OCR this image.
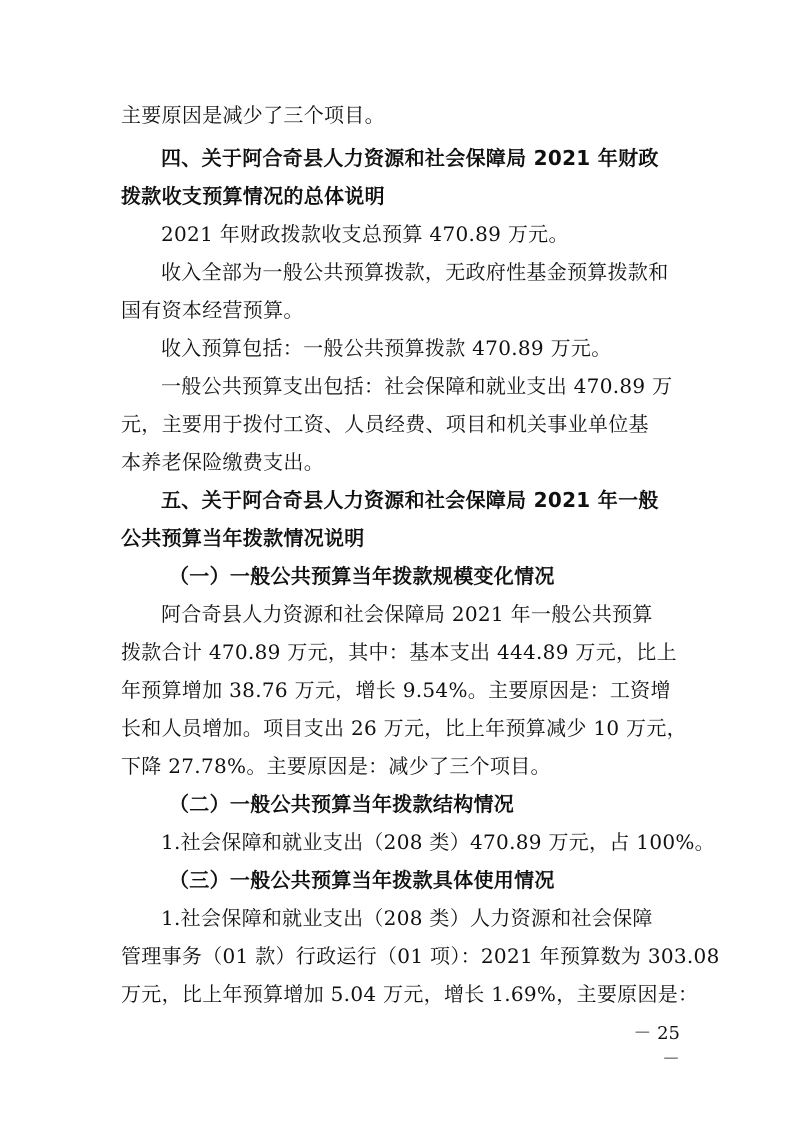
主要原因是减少了三个项目。
四、关于阿合奇县人力资源和社会保障局 2021 年财政
拨款收支预算情况的总体说明
2021 年财政拨款收支总预算 470.89 万元。
收入全部为一般公共预算拨款，无政府性基金预算拨款和
国有资本经营预算。
收入预算包括：一般公共预算拨款 470.89 万元。
一般公共预算支出包括：社会保障和就业支出 470.89 万
元，主要用于拨付工资、人员经费、项目和机关事业单位基
本养老保险缴费支出。
五、关于阿合奇县人力资源和社会保障局 2021 年一般
公共预算当年拨款情况说明
（一）一般公共预算当年拨款规模变化情况
阿合奇县人力资源和社会保障局 2021 年一般公共预算
拨款合计 470.89 万元，其中：基本支出 444.89 万元，比上
年预算增加 38.76 万元，增长 9.54%。主要原因是：工资增
长和人员增加。项目支出 26 万元，比上年预算减少 10 万元，
下降 27.78%。主要原因是：减少了三个项目。
（二）一般公共预算当年拨款结构情况
1.社会保障和就业支出（208 类）470.89 万元，占 100%。
（三）一般公共预算当年拨款具体使用情况
1.社会保障和就业支出（208 类）人力资源和社会保障
管理事务（01 款）行政运行（01 项）：2021 年预算数为 303.08
万元，比上年预算增加 5.04 万元，增长 1.69%，主要原因是：
－ 25 －
